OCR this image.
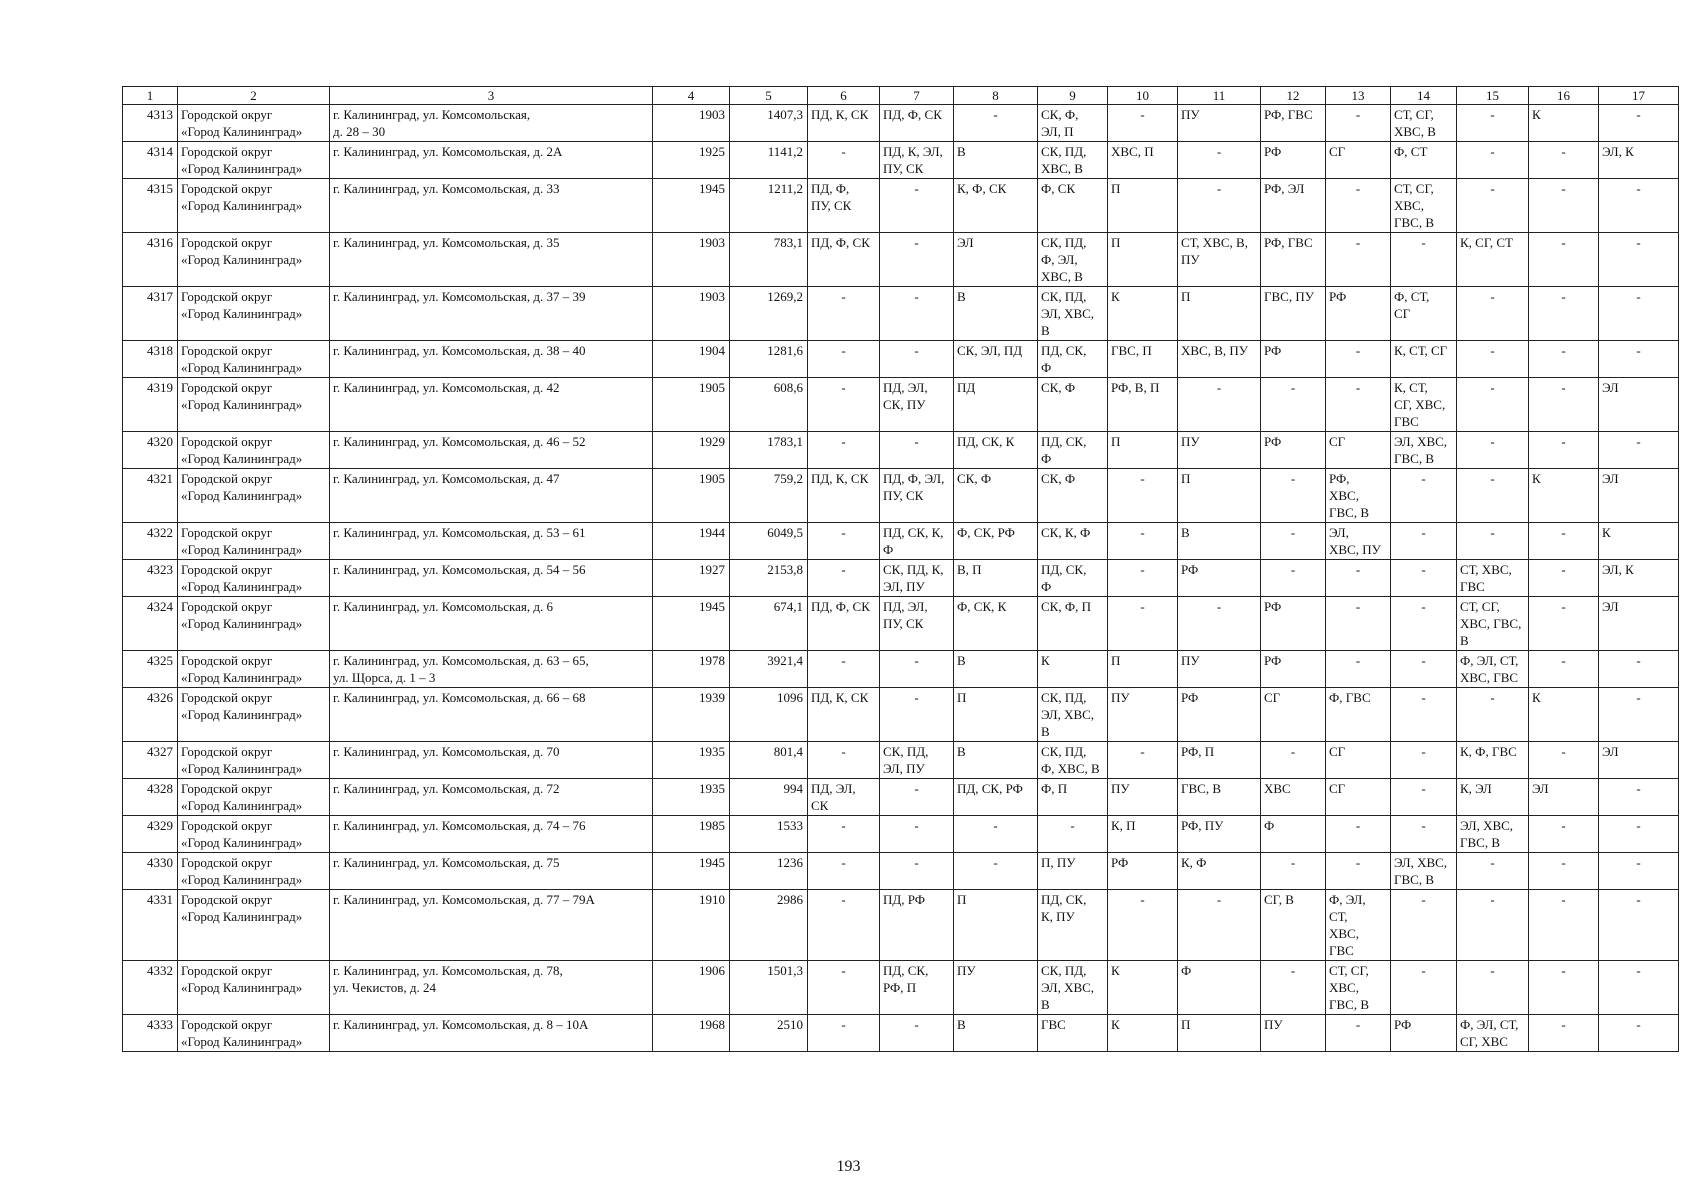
1	2	3	4	5	6	7	8	9	10	11	12	13	14	15	16	17
4313	Городской округ
«Город Калининград»	г. Калининград, ул. Комсомольская,
д. 28 – 30	1903	1407,3	ПД, К, СК	ПД, Ф, СК	-	СК, Ф,
ЭЛ, П	-	ПУ	РФ, ГВС	-	СТ, СГ,
ХВС, В	-	К	-
4314	Городской округ
«Город Калининград»	г. Калининград, ул. Комсомольская, д. 2А	1925	1141,2	-	ПД, К, ЭЛ,
ПУ, СК	В	СК, ПД,
ХВС, В	ХВС, П	-	РФ	СГ	Ф, СТ	-	-	ЭЛ, К
4315	Городской округ
«Город Калининград»	г. Калининград, ул. Комсомольская, д. 33	1945	1211,2	ПД, Ф,
ПУ, СК	-	К, Ф, СК	Ф, СК	П	-	РФ, ЭЛ	-	СТ, СГ,
ХВС,
ГВС, В	-	-	-
4316	Городской округ
«Город Калининград»	г. Калининград, ул. Комсомольская, д. 35	1903	783,1	ПД, Ф, СК	-	ЭЛ	СК, ПД,
Ф, ЭЛ,
ХВС, В	П	СТ, ХВС, В,
ПУ	РФ, ГВС	-	-	К, СГ, СТ	-	-
4317	Городской округ
«Город Калининград»	г. Калининград, ул. Комсомольская, д. 37 – 39	1903	1269,2	-	-	В	СК, ПД,
ЭЛ, ХВС,
В	К	П	ГВС, ПУ	РФ	Ф, СТ,
СГ	-	-	-
4318	Городской округ
«Город Калининград»	г. Калининград, ул. Комсомольская, д. 38 – 40	1904	1281,6	-	-	СК, ЭЛ, ПД	ПД, СК,
Ф	ГВС, П	ХВС, В, ПУ	РФ	-	К, СТ, СГ	-	-	-
4319	Городской округ
«Город Калининград»	г. Калининград, ул. Комсомольская, д. 42	1905	608,6	-	ПД, ЭЛ,
СК, ПУ	ПД	СК, Ф	РФ, В, П	-	-	-	К, СТ,
СГ, ХВС,
ГВС	-	-	ЭЛ
4320	Городской округ
«Город Калининград»	г. Калининград, ул. Комсомольская, д. 46 – 52	1929	1783,1	-	-	ПД, СК, К	ПД, СК,
Ф	П	ПУ	РФ	СГ	ЭЛ, ХВС,
ГВС, В	-	-	-
4321	Городской округ
«Город Калининград»	г. Калининград, ул. Комсомольская, д. 47	1905	759,2	ПД, К, СК	ПД, Ф, ЭЛ,
ПУ, СК	СК, Ф	СК, Ф	-	П	-	РФ,
ХВС,
ГВС, В	-	-	К	ЭЛ
4322	Городской округ
«Город Калининград»	г. Калининград, ул. Комсомольская, д. 53 – 61	1944	6049,5	-	ПД, СК, К,
Ф	Ф, СК, РФ	СК, К, Ф	-	В	-	ЭЛ,
ХВС, ПУ	-	-	-	К
4323	Городской округ
«Город Калининград»	г. Калининград, ул. Комсомольская, д. 54 – 56	1927	2153,8	-	СК, ПД, К,
ЭЛ, ПУ	В, П	ПД, СК,
Ф	-	РФ	-	-	-	СТ, ХВС,
ГВС	-	ЭЛ, К
4324	Городской округ
«Город Калининград»	г. Калининград, ул. Комсомольская, д. 6	1945	674,1	ПД, Ф, СК	ПД, ЭЛ,
ПУ, СК	Ф, СК, К	СК, Ф, П	-	-	РФ	-	-	СТ, СГ,
ХВС, ГВС,
В	-	ЭЛ
4325	Городской округ
«Город Калининград»	г. Калининград, ул. Комсомольская, д. 63 – 65,
ул. Щорса, д. 1 – 3	1978	3921,4	-	-	В	К	П	ПУ	РФ	-	-	Ф, ЭЛ, СТ,
ХВС, ГВС	-	-
4326	Городской округ
«Город Калининград»	г. Калининград, ул. Комсомольская, д. 66 – 68	1939	1096	ПД, К, СК	-	П	СК, ПД,
ЭЛ, ХВС,
В	ПУ	РФ	СГ	Ф, ГВС	-	-	К	-
4327	Городской округ
«Город Калининград»	г. Калининград, ул. Комсомольская, д. 70	1935	801,4	-	СК, ПД,
ЭЛ, ПУ	В	СК, ПД,
Ф, ХВС, В	-	РФ, П	-	СГ	-	К, Ф, ГВС	-	ЭЛ
4328	Городской округ
«Город Калининград»	г. Калининград, ул. Комсомольская, д. 72	1935	994	ПД, ЭЛ,
СК	-	ПД, СК, РФ	Ф, П	ПУ	ГВС, В	ХВС	СГ	-	К, ЭЛ	ЭЛ	-
4329	Городской округ
«Город Калининград»	г. Калининград, ул. Комсомольская, д. 74 – 76	1985	1533	-	-	-	-	К, П	РФ, ПУ	Ф	-	-	ЭЛ, ХВС,
ГВС, В	-	-
4330	Городской округ
«Город Калининград»	г. Калининград, ул. Комсомольская, д. 75	1945	1236	-	-	-	П, ПУ	РФ	К, Ф	-	-	ЭЛ, ХВС,
ГВС, В	-	-	-
4331	Городской округ
«Город Калининград»	г. Калининград, ул. Комсомольская, д. 77 – 79А	1910	2986	-	ПД, РФ	П	ПД, СК,
К, ПУ	-	-	СГ, В	Ф, ЭЛ,
СТ,
ХВС,
ГВС	-	-	-	-
4332	Городской округ
«Город Калининград»	г. Калининград, ул. Комсомольская, д. 78,
ул. Чекистов, д. 24	1906	1501,3	-	ПД, СК,
РФ, П	ПУ	СК, ПД,
ЭЛ, ХВС,
В	К	Ф	-	СТ, СГ,
ХВС,
ГВС, В	-	-	-	-
4333	Городской округ
«Город Калининград»	г. Калининград, ул. Комсомольская, д. 8 – 10А	1968	2510	-	-	В	ГВС	К	П	ПУ	-	РФ	Ф, ЭЛ, СТ,
СГ, ХВС	-	-
193
